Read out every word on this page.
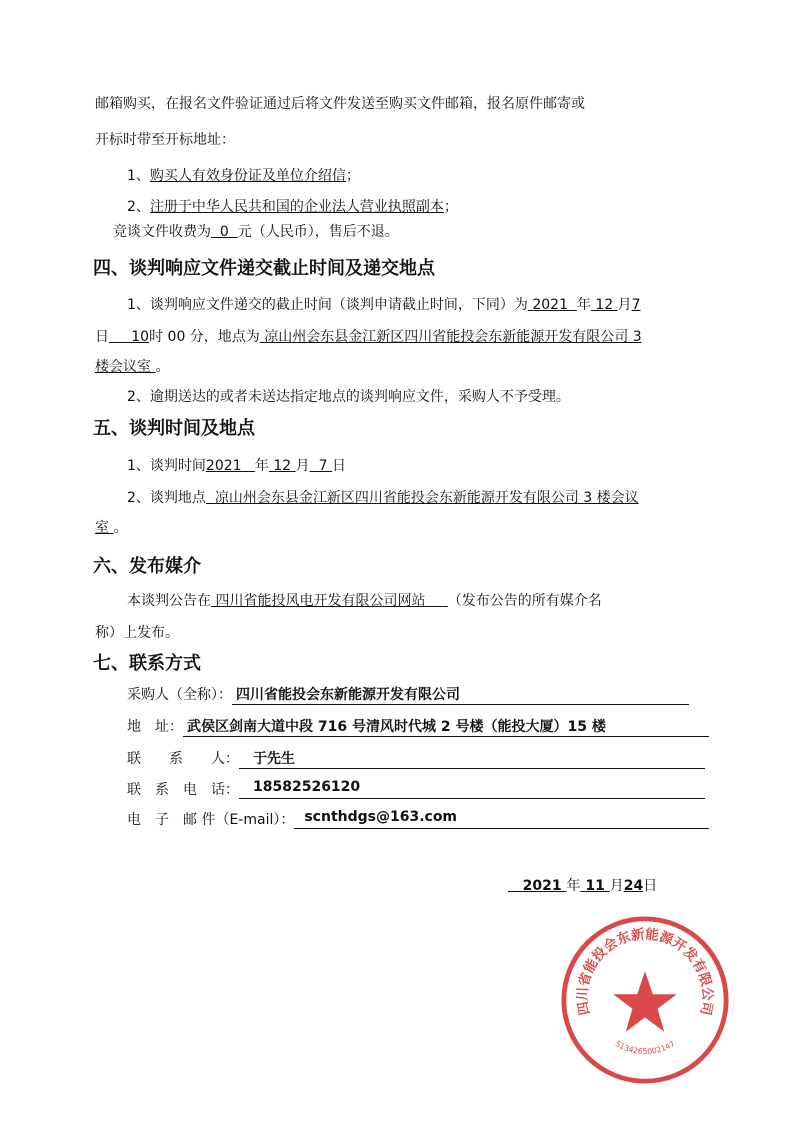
邮箱购买，在报名文件验证通过后将文件发送至购买文件邮箱，报名原件邮寄或
开标时带至开标地址：
1、购买人有效身份证及单位介绍信；
2、注册于中华人民共和国的企业法人营业执照副本；
竞谈文件收费为 0 元（人民币），售后不退。
四、谈判响应文件递交截止时间及递交地点
1、谈判响应文件递交的截止时间（谈判申请截止时间，下同）为 2021 年 12 月7
日 10时 00 分，地点为 凉山州会东县金江新区四川省能投会东新能源开发有限公司 3
楼会议室 。
2、逾期送达的或者未送达指定地点的谈判响应文件，采购人不予受理。
五、谈判时间及地点
1、谈判时间2021 年 12 月 7 日
2、谈判地点 凉山州会东县金江新区四川省能投会东新能源开发有限公司 3 楼会议
室 。
六、发布媒介
本谈判公告在 四川省能投风电开发有限公司网站 （发布公告的所有媒介名
称）上发布。
七、联系方式
采购人（全称）： 四川省能投会东新能源开发有限公司
地　址： 武侯区剑南大道中段 716 号清风时代城 2 号楼（能投大厦）15 楼
联　　系　　人：	于先生
联　系　电　话：	18582526120
电　子　邮 件（E-mail）： scnthdgs@163.com
2021 年 11 月24日
四川省能投会东新能源开发有限公司
5134265002147
